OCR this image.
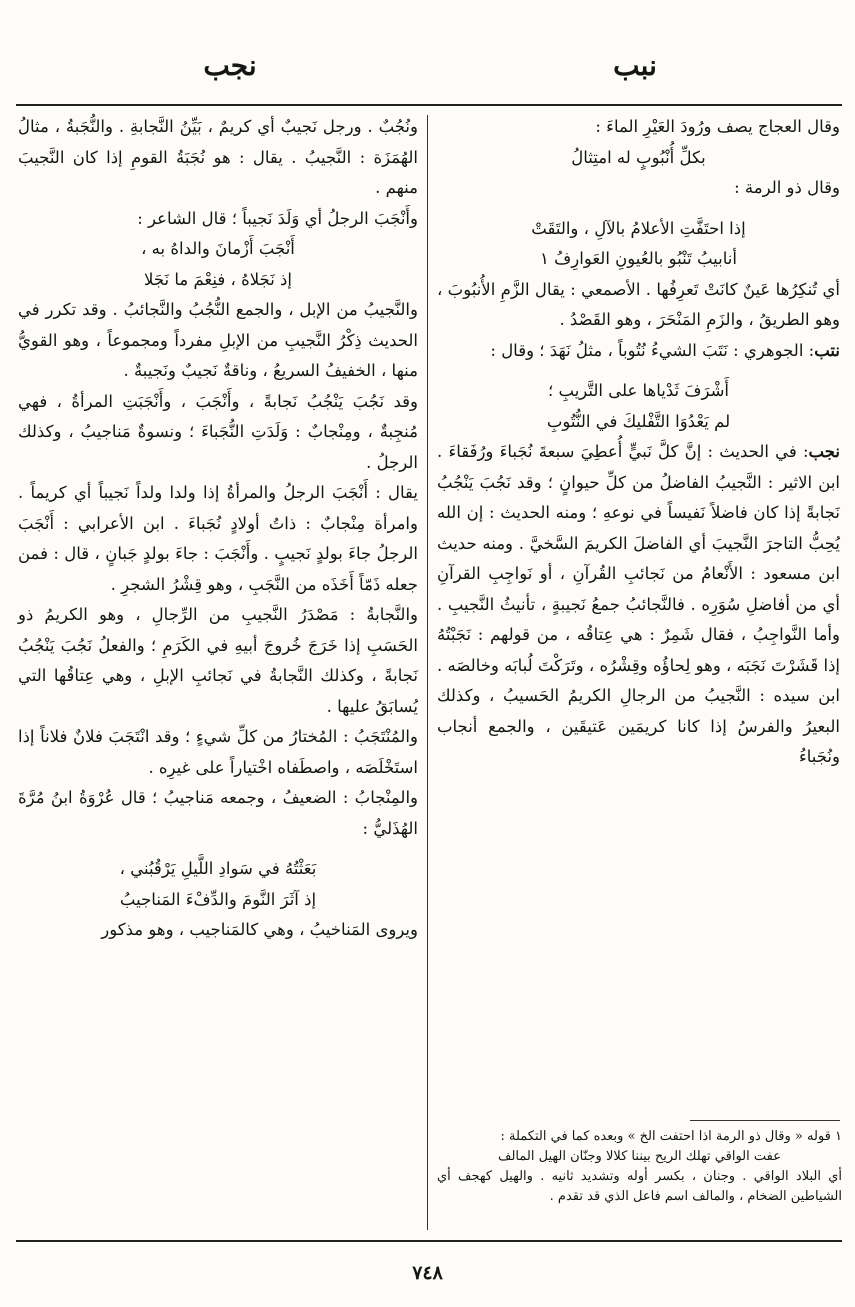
نبب
نجب

وقال العجاج يصف ورُودَ العَيْرِ الماءَ :

بكلِّ أُنْبُوبٍ له امتِثالُ

وقال ذو الرمة :

إذا احتَفَّتِ الأعلامُ بالآلِ ، والتَقَتْ

أنابيبُ تَنْبُو بالعُيونِ العَوارِفُ ١

أي تُنكِرُها عَينٌ كانَتْ تَعرِفُها . الأصمعي : يقال الزَّمِ الأُنبُوبَ ، وهو الطريقُ ، والزَمِ المَنْحَرَ ، وهو القَصْدُ .

نتب: الجوهري : نَتَبَ الشيءُ نُتُوباً ، مثلُ نَهَدَ ؛ وقال :

أَشْرَفَ ثَدْياها على التَّريبِ ؛

لم يَعْدُوَا التَّفْليكَ في النُّتُوبِ

نجب: في الحديث : إنَّ كلَّ نَبيٍّ أُعطِيَ سبعةَ نُجَباءَ ورُفَقاءَ . ابن الاثير : النَّجيبُ الفاضلُ من كلِّ حيوانٍ ؛ وقد نَجُبَ يَنْجُبُ نَجابةً إذا كان فاضلاً نَفيساً في نوعهِ ؛ ومنه الحديث : إن الله يُحِبُّ التاجرَ النَّجيبَ أي الفاضلَ الكريمَ السَّخيَّ . ومنه حديث ابن مسعود : الأَنْعامُ من نَجائبِ القُرآنِ ، أو نَواجِبِ القرآنِ أي من أفاضلِ سُوَرِه . فالنَّجائبُ جمعُ نَجيبةٍ ، تأنيثُ النَّجيبِ . وأما النَّواجِبُ ، فقال شَمِرٌ : هي عِتاقُه ، من قولهم : نَجَبْتُهُ إذا قَشَرْتَ نَجَبَه ، وهو لِحاؤُه وقِشْرُه ، وتَرَكْتَ لُبابَه وخالصَه . ابن سيده : النَّجيبُ من الرجالِ الكريمُ الحَسيبُ ، وكذلك البعيرُ والفرسُ إذا كانا كريمَين عَتيقَين ، والجمع أنجاب ونُجَباءُ

ونُجُبٌ . ورجل نَجيبٌ أي كريمٌ ، بَيِّنُ النَّجابةِ . والنُّجَبةُ ، مثالُ الهُمَزَة : النَّجيبُ . يقال : هو نُجَبَةُ القومِ إذا كان النَّجيبَ منهم .

وأَنْجَبَ الرجلُ أي وَلَدَ نَجيباً ؛ قال الشاعر :

أَنْجَبَ أَزْمانَ والداهُ به ،

إذ نَجَلاهُ ، فنِعْمَ ما نَجَلا

والنَّجيبُ من الإبل ، والجمع النُّجُبُ والنَّجائبُ . وقد تكرر في الحديث ذِكْرُ النَّجيبِ من الإبلِ مفرداً ومجموعاً ، وهو القويُّ منها ، الخفيفُ السريعُ ، وناقةٌ نَجيبٌ ونَجيبةٌ .

وقد نَجُبَ يَنْجُبُ نَجابةً ، وأَنْجَبَ ، وأَنْجَبَتِ المرأةُ ، فهي مُنجِبةٌ ، ومِنْجابٌ : وَلَدَتِ النُّجَباءَ ؛ ونسوةٌ مَناجيبُ ، وكذلك الرجلُ .

يقال : أَنْجَبَ الرجلُ والمرأةُ إذا ولدا ولداً نَجيباً أي كريماً . وامرأة مِنْجابٌ : ذاتُ أولادٍ نُجَباءَ . ابن الأعرابي : أَنْجَبَ الرجلُ جاءَ بولدٍ نَجيبٍ . وأَنْجَبَ : جاءَ بولدٍ جَبانٍ ، قال : فمن جعله ذَمّاً أَخَذَه من النَّجَبِ ، وهو قِشْرُ الشجرِ .

والنَّجابةُ : مَصْدَرُ النَّجيبِ من الرِّجالِ ، وهو الكريمُ ذو الحَسَبِ إذا خَرَجَ خُروجَ أبيهِ في الكَرَمِ ؛ والفعلُ نَجُبَ يَنْجُبُ نَجابةً ، وكذلك النَّجابةُ في نَجائبِ الإبلِ ، وهي عِتاقُها التي يُسابَقُ عليها .

والمُنْتَجَبُ : المُختارُ من كلِّ شيءٍ ؛ وقد انْتَجَبَ فلانٌ فلاناً إذا استَخْلَصَه ، واصطَفاه اخْتياراً على غيرِه .

والمِنْجابُ : الضعيفُ ، وجمعه مَناجيبُ ؛ قال عُرْوَةُ ابنُ مُرَّةَ الهُذَليُّ :

بَعَثْتُهُ في سَوادِ اللَّيلِ يَرْقُبُني ،

إذ آثَرَ النَّومَ والدِّفْءَ المَناجيبُ

ويروى المَناخيبُ ، وهي كالمَناجيب ، وهو مذكور

١ قوله « وقال ذو الرمة اذا احتفت الخ » وبعده كما في التكملة :

عفت الواقي تهلك الريح بيننا كلالا وجنّان الهيل المالف

أي البلاد الواقي . وجنان ، بكسر أوله وتشديد ثانيه . والهيل كهجف أي الشياطين الضخام ، والمالف اسم فاعل الذي قد تقدم .

٧٤٨
